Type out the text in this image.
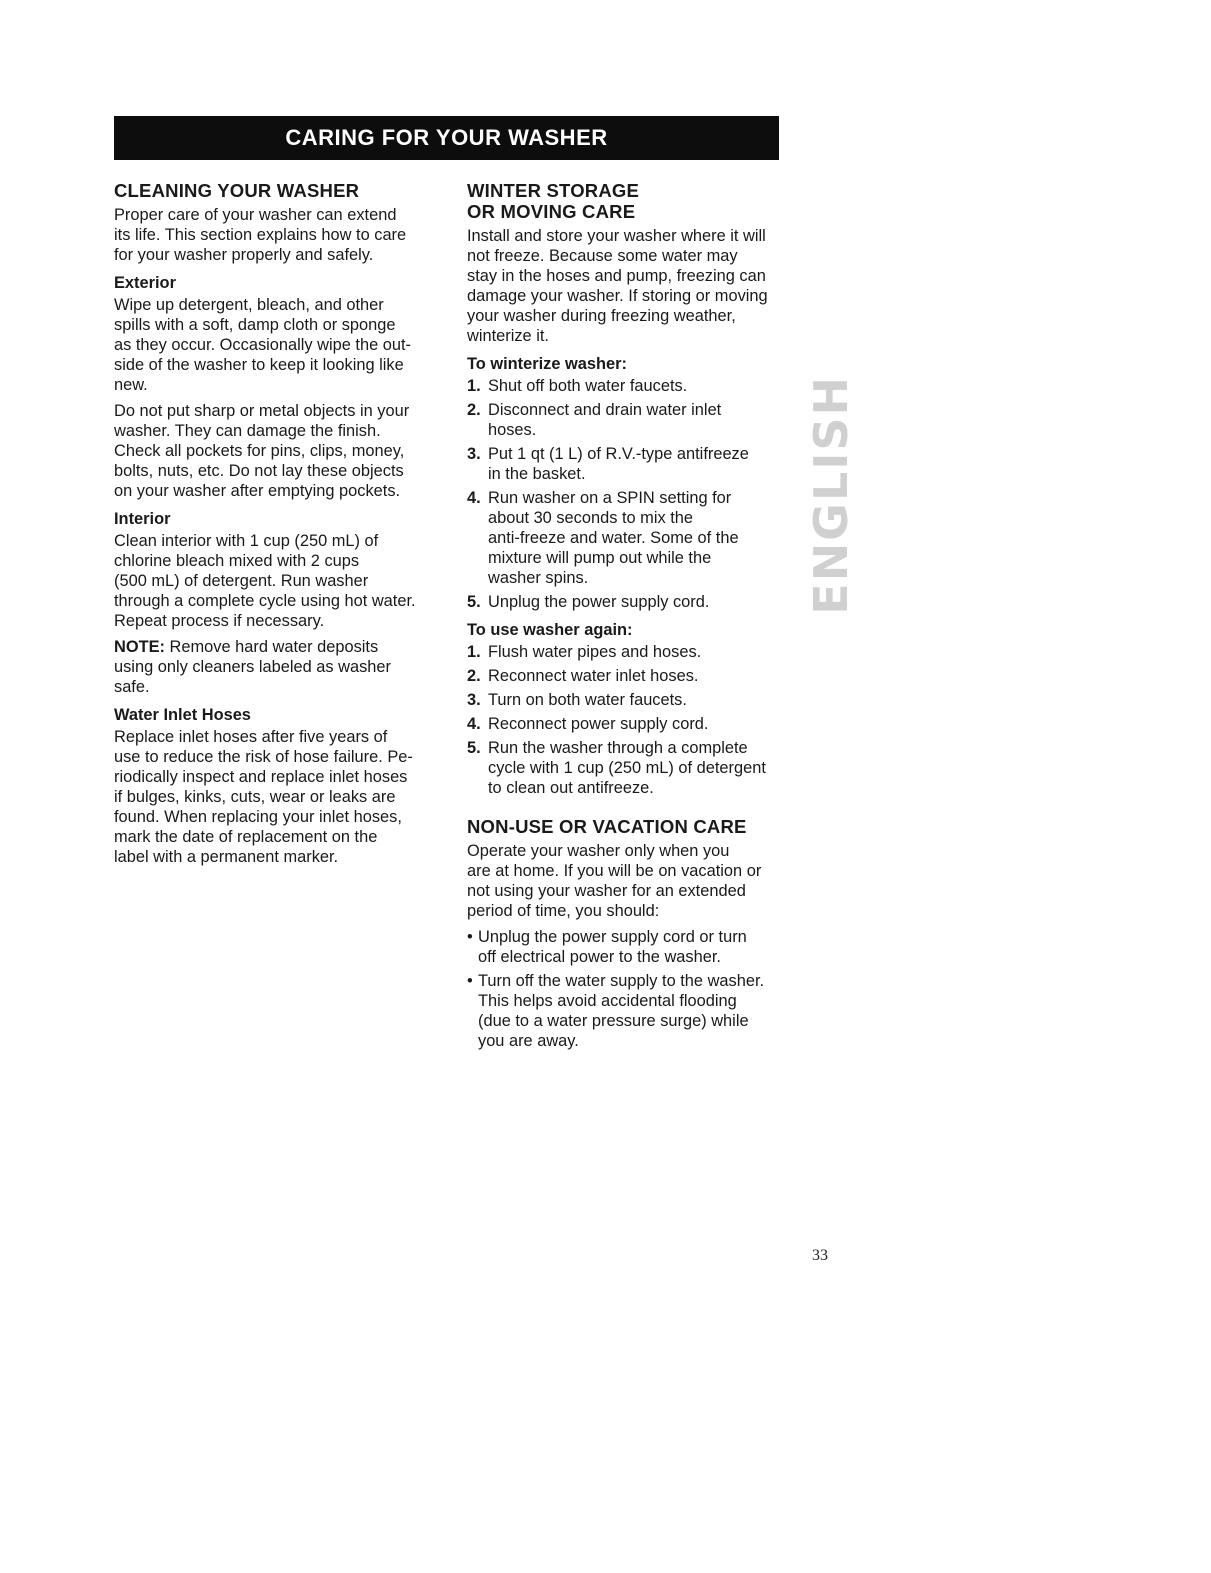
CARING FOR YOUR WASHER
CLEANING YOUR WASHER

Proper care of your washer can extend
its life. This section explains how to care
for your washer properly and safely.

Exterior

Wipe up detergent, bleach, and other
spills with a soft, damp cloth or sponge
as they occur. Occasionally wipe the out-
side of the washer to keep it looking like
new.

Do not put sharp or metal objects in your
washer. They can damage the finish.
Check all pockets for pins, clips, money,
bolts, nuts, etc. Do not lay these objects
on your washer after emptying pockets.

Interior

Clean interior with 1 cup (250 mL) of
chlorine bleach mixed with 2 cups
(500 mL) of detergent. Run washer
through a complete cycle using hot water.
Repeat process if necessary.

NOTE: Remove hard water deposits
using only cleaners labeled as washer
safe.

Water Inlet Hoses

Replace inlet hoses after five years of
use to reduce the risk of hose failure. Pe-
riodically inspect and replace inlet hoses
if bulges, kinks, cuts, wear or leaks are
found. When replacing your inlet hoses,
mark the date of replacement on the
label with a permanent marker.

WINTER STORAGE
OR MOVING CARE

Install and store your washer where it will
not freeze. Because some water may
stay in the hoses and pump, freezing can
damage your washer. If storing or moving
your washer during freezing weather,
winterize it.

To winterize washer:
1. Shut off both water faucets.
2. Disconnect and drain water inlet
hoses.
3. Put 1 qt (1 L) of R.V.-type antifreeze
in the basket.
4. Run washer on a SPIN setting for
about 30 seconds to mix the
anti-freeze and water. Some of the
mixture will pump out while the
washer spins.
5. Unplug the power supply cord.
To use washer again:
1. Flush water pipes and hoses.
2. Reconnect water inlet hoses.
3. Turn on both water faucets.
4. Reconnect power supply cord.
5. Run the washer through a complete
cycle with 1 cup (250 mL) of detergent
to clean out antifreeze.
NON-USE OR VACATION CARE

Operate your washer only when you
are at home. If you will be on vacation or
not using your washer for an extended
period of time, you should:

• Unplug the power supply cord or turn
off electrical power to the washer.
• Turn off the water supply to the washer.
This helps avoid accidental flooding
(due to a water pressure surge) while
you are away.
ENGLISH
33
